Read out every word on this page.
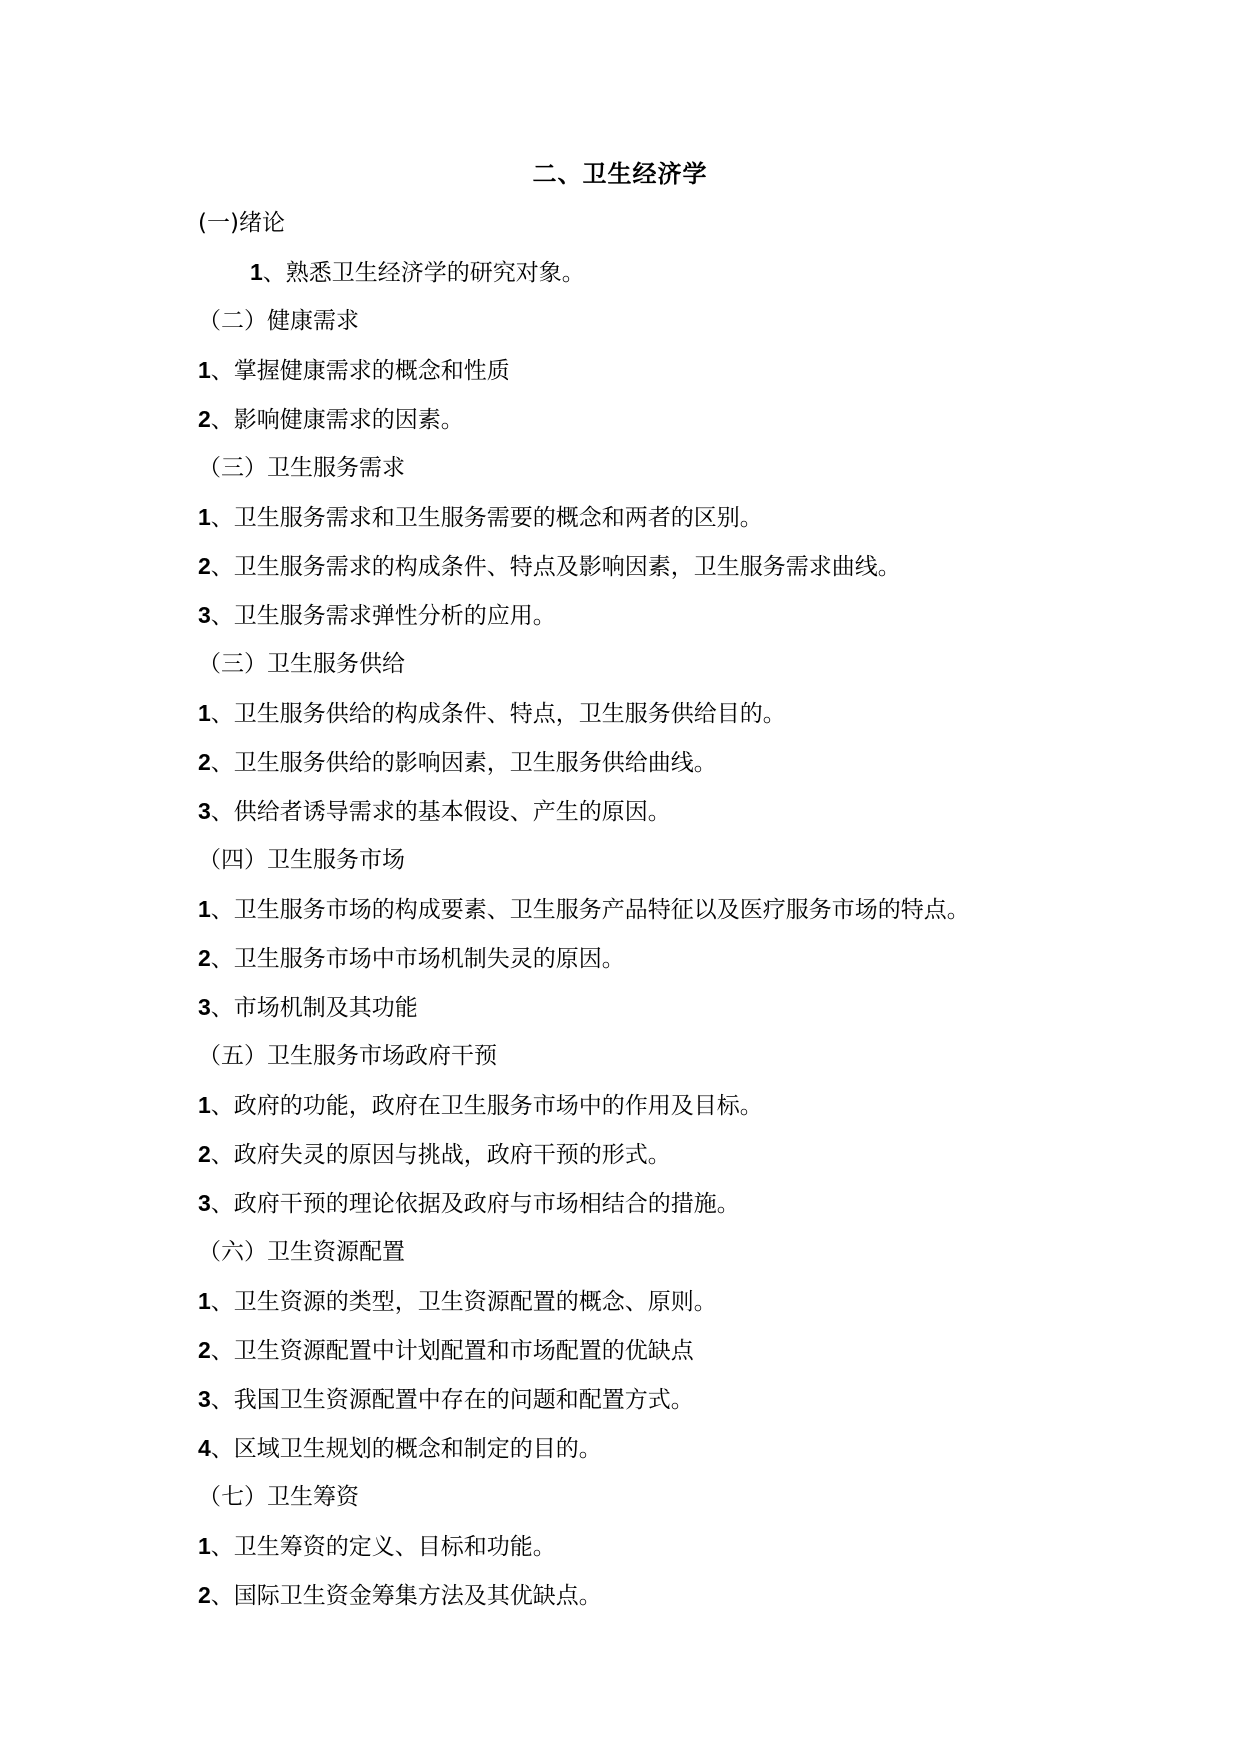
二、卫生经济学
(一)绪论
1、熟悉卫生经济学的研究对象。
（二）健康需求
1、掌握健康需求的概念和性质
2、影响健康需求的因素。
（三）卫生服务需求
1、卫生服务需求和卫生服务需要的概念和两者的区别。
2、卫生服务需求的构成条件、特点及影响因素，卫生服务需求曲线。
3、卫生服务需求弹性分析的应用。
（三）卫生服务供给
1、卫生服务供给的构成条件、特点，卫生服务供给目的。
2、卫生服务供给的影响因素，卫生服务供给曲线。
3、供给者诱导需求的基本假设、产生的原因。
（四）卫生服务市场
1、卫生服务市场的构成要素、卫生服务产品特征以及医疗服务市场的特点。
2、卫生服务市场中市场机制失灵的原因。
3、市场机制及其功能
（五）卫生服务市场政府干预
1、政府的功能，政府在卫生服务市场中的作用及目标。
2、政府失灵的原因与挑战，政府干预的形式。
3、政府干预的理论依据及政府与市场相结合的措施。
（六）卫生资源配置
1、卫生资源的类型，卫生资源配置的概念、原则。
2、卫生资源配置中计划配置和市场配置的优缺点
3、我国卫生资源配置中存在的问题和配置方式。
4、区域卫生规划的概念和制定的目的。
（七）卫生筹资
1、卫生筹资的定义、目标和功能。
2、国际卫生资金筹集方法及其优缺点。
